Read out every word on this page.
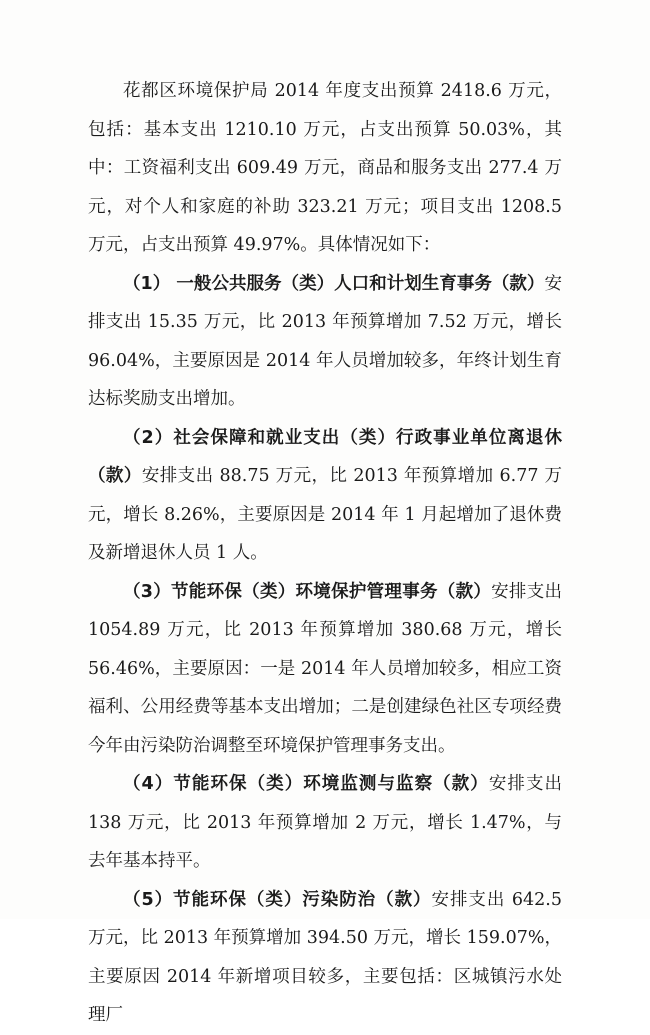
花都区环境保护局 2014 年度支出预算 2418.6 万元，包括：基本支出 1210.10 万元，占支出预算 50.03%，其中：工资福利支出 609.49 万元，商品和服务支出 277.4 万元，对个人和家庭的补助 323.21 万元；项目支出 1208.5 万元，占支出预算 49.97%。具体情况如下：

（1） 一般公共服务（类）人口和计划生育事务（款）安排支出 15.35 万元，比 2013 年预算增加 7.52 万元，增长 96.04%，主要原因是 2014 年人员增加较多，年终计划生育达标奖励支出增加。

（2）社会保障和就业支出（类）行政事业单位离退休（款）安排支出 88.75 万元，比 2013 年预算增加 6.77 万元，增长 8.26%，主要原因是 2014 年 1 月起增加了退休费及新增退休人员 1 人。

（3）节能环保（类）环境保护管理事务（款）安排支出 1054.89 万元，比 2013 年预算增加 380.68 万元，增长 56.46%，主要原因：一是 2014 年人员增加较多，相应工资福利、公用经费等基本支出增加；二是创建绿色社区专项经费今年由污染防治调整至环境保护管理事务支出。

（4）节能环保（类）环境监测与监察（款）安排支出 138 万元，比 2013 年预算增加 2 万元，增长 1.47%，与去年基本持平。

（5）节能环保（类）污染防治（款）安排支出 642.5 万元，比 2013 年预算增加 394.50 万元，增长 159.07%，主要原因 2014 年新增项目较多，主要包括：区城镇污水处理厂
